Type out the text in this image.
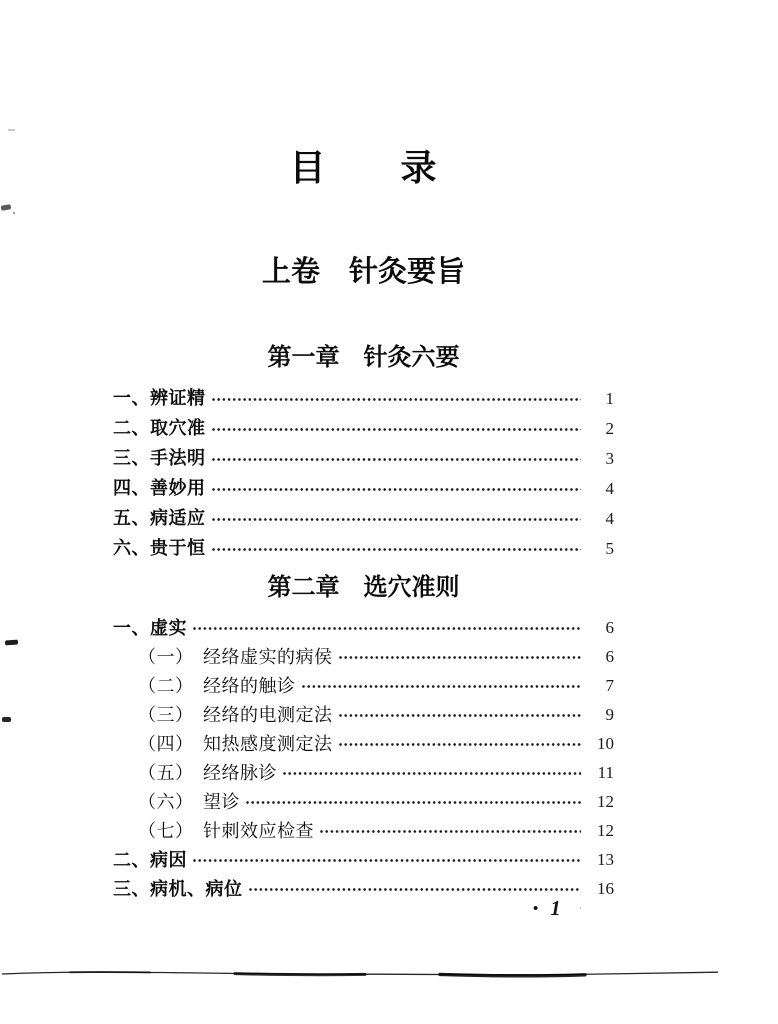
目　　录
上卷　针灸要旨
第一章　针灸六要
一、辨证精	1
二、取穴准	2
三、手法明	3
四、善妙用	4
五、病适应	4
六、贵于恒	5
第二章　选穴准则
一、虚实	6
（一）　经络虚实的病侯	6
（二）　经络的触诊	7
（三）　经络的电测定法	9
（四）　知热感度测定法	10
（五）　经络脉诊	11
（六）　望诊	12
（七）　针刺效应检查	12
二、病因	13
三、病机、病位	16
• 1 ·
